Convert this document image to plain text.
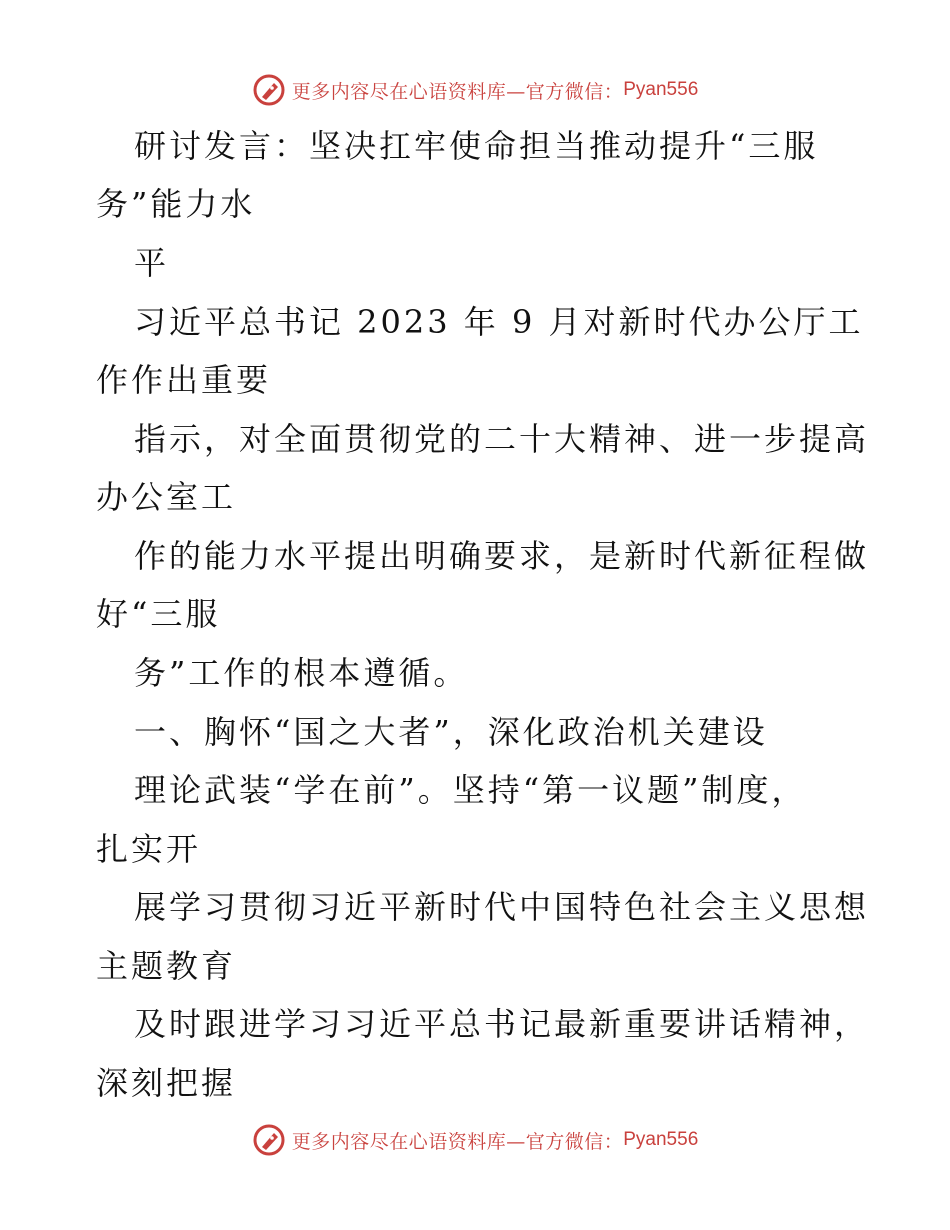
更多内容尽在心语资料库—官方微信： Pyan556
研讨发言：坚决扛牢使命担当推动提升“三服
务”能力水
平
习近平总书记 2023 年 9 月对新时代办公厅工
作作出重要
指示，对全面贯彻党的二十大精神、进一步提高
办公室工
作的能力水平提出明确要求，是新时代新征程做
好“三服
务”工作的根本遵循。
一、胸怀“国之大者”，深化政治机关建设
理论武装“学在前”。坚持“第一议题”制度，
扎实开
展学习贯彻习近平新时代中国特色社会主义思想
主题教育
及时跟进学习习近平总书记最新重要讲话精神，
深刻把握
更多内容尽在心语资料库—官方微信： Pyan556
